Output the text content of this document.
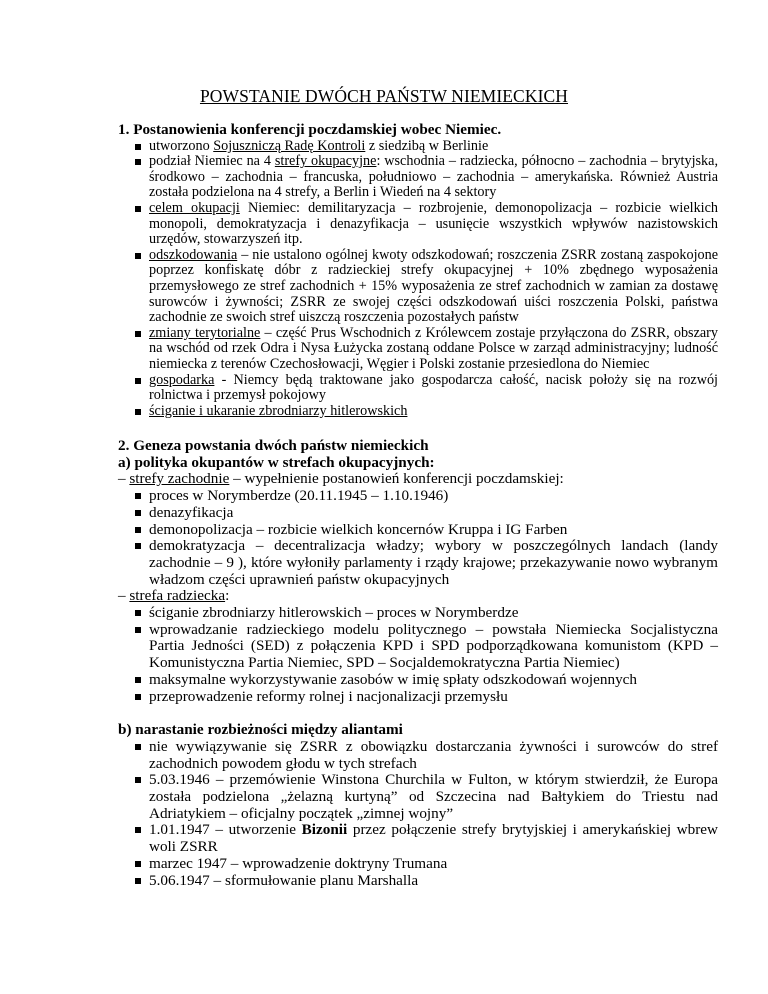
POWSTANIE DWÓCH PAŃSTW NIEMIECKICH
1. Postanowienia konferencji poczdamskiej wobec Niemiec.
utworzono Sojuszniczą Radę Kontroli z siedzibą w Berlinie
podział Niemiec na 4 strefy okupacyjne: wschodnia – radziecka, północno – zachodnia – brytyjska, środkowo – zachodnia – francuska, południowo – zachodnia – amerykańska. Również Austria została podzielona na 4 strefy, a Berlin i Wiedeń na 4 sektory
celem okupacji Niemiec: demilitaryzacja – rozbrojenie, demonopolizacja – rozbicie wielkich monopoli, demokratyzacja i denazyfikacja – usunięcie wszystkich wpływów nazistowskich urzędów, stowarzyszeń itp.
odszkodowania – nie ustalono ogólnej kwoty odszkodowań; roszczenia ZSRR zostaną zaspokojone poprzez konfiskatę dóbr z radzieckiej strefy okupacyjnej + 10% zbędnego wyposażenia przemysłowego ze stref zachodnich + 15% wyposażenia ze stref zachodnich w zamian za dostawę surowców i żywności; ZSRR ze swojej części odszkodowań uiści roszczenia Polski, państwa zachodnie ze swoich stref uiszczą roszczenia pozostałych państw
zmiany terytorialne – część Prus Wschodnich z Królewcem zostaje przyłączona do ZSRR, obszary na wschód od rzek Odra i Nysa Łużycka zostaną oddane Polsce w zarząd administracyjny; ludność niemiecka z terenów Czechosłowacji, Węgier i Polski zostanie przesiedlona do Niemiec
gospodarka - Niemcy będą traktowane jako gospodarcza całość, nacisk położy się na rozwój rolnictwa i przemysł pokojowy
ściganie i ukaranie zbrodniarzy hitlerowskich
2. Geneza powstania dwóch państw niemieckich
a) polityka okupantów w strefach okupacyjnych:
– strefy zachodnie – wypełnienie postanowień konferencji poczdamskiej:
proces w Norymberdze (20.11.1945 – 1.10.1946)
denazyfikacja
demonopolizacja – rozbicie wielkich koncernów Kruppa i IG Farben
demokratyzacja – decentralizacja władzy; wybory w poszczególnych landach (landy zachodnie – 9 ), które wyłoniły parlamenty i rządy krajowe; przekazywanie nowo wybranym władzom części uprawnień państw okupacyjnych
– strefa radziecka:
ściganie zbrodniarzy hitlerowskich – proces w Norymberdze
wprowadzanie radzieckiego modelu politycznego – powstała Niemiecka Socjalistyczna Partia Jedności (SED) z połączenia KPD i SPD podporządkowana komunistom (KPD – Komunistyczna Partia Niemiec, SPD – Socjaldemokratyczna Partia Niemiec)
maksymalne wykorzystywanie zasobów w imię spłaty odszkodowań wojennych
przeprowadzenie reformy rolnej i nacjonalizacji przemysłu
b) narastanie rozbieżności między aliantami
nie wywiązywanie się ZSRR z obowiązku dostarczania żywności i surowców do stref zachodnich powodem głodu w tych strefach
5.03.1946 – przemówienie Winstona Churchila w Fulton, w którym stwierdził, że Europa została podzielona „żelazną kurtyną” od Szczecina nad Bałtykiem do Triestu nad Adriatykiem – oficjalny początek „zimnej wojny”
1.01.1947 – utworzenie Bizonii przez połączenie strefy brytyjskiej i amerykańskiej wbrew woli ZSRR
marzec 1947 – wprowadzenie doktryny Trumana
5.06.1947 – sformułowanie planu Marshalla
